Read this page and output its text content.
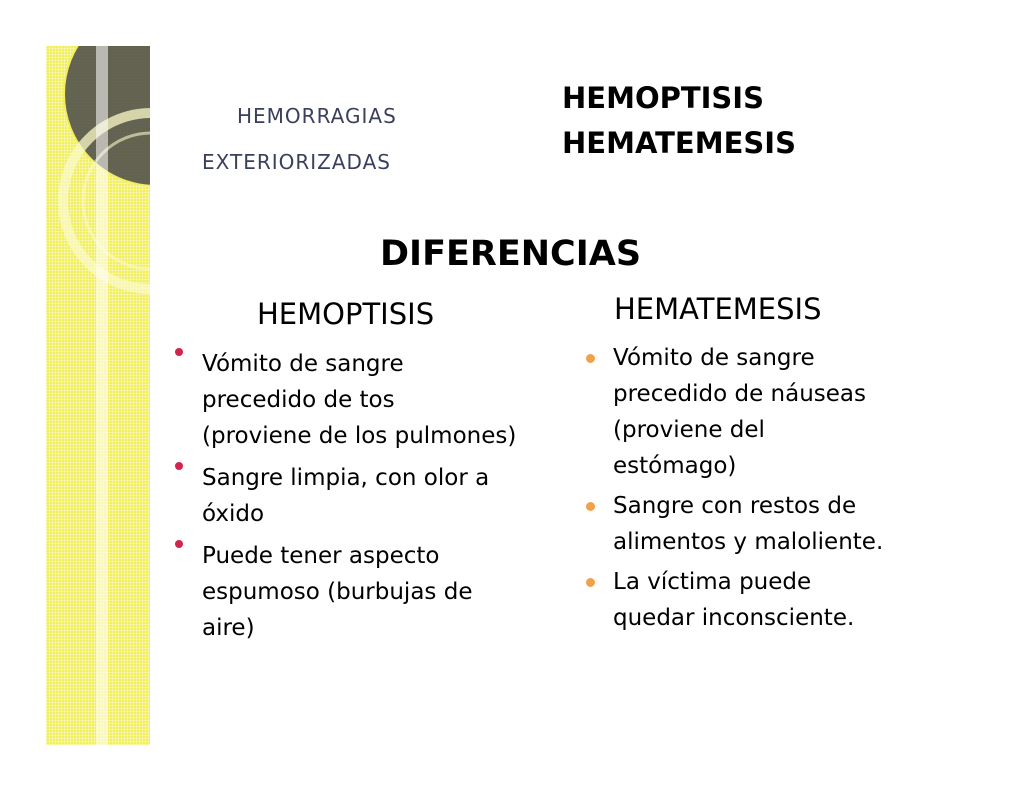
HEMORRAGIAS
EXTERIORIZADAS
HEMOPTISIS
HEMATEMESIS
DIFERENCIAS
HEMOPTISIS	HEMATEMESIS
Vómito de sangre
precedido de tos
(proviene de los pulmones)
Sangre limpia, con olor a
óxido
Puede tener aspecto
espumoso (burbujas de
aire)
Vómito de sangre
precedido de náuseas
(proviene del
estómago)
Sangre con restos de
alimentos y maloliente.
La víctima puede
quedar inconsciente.
